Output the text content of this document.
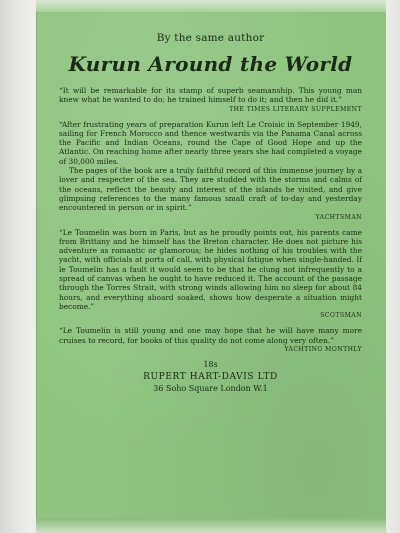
By the same author

Kurun Around the World

“It will be remarkable for its stamp of superb seamanship. This young man knew what he wanted to do; he trained himself to do it; and then he did it.”

THE TIMES LITERARY SUPPLEMENT

“After frustrating years of preparation Kurun left Le Croisic in September 1949, sailing for French Morocco and thence westwards via the Panama Canal across the Pacific and Indian Oceans, round the Cape of Good Hope and up the Atlantic. On reaching home after nearly three years she had completed a voyage of 30,000 miles.

The pages of the book are a truly faithful record of this immense journey by a lover and respecter of the sea. They are studded with the storms and calms of the oceans, reflect the beauty and interest of the islands he visited, and give glimpsing references to the many famous small craft of to-day and yesterday encountered in person or in spirit.”

YACHTSMAN

“Le Toumelin was born in Paris, but as he proudly points out, his parents came from Brittany and he himself has the Breton character. He does not picture his adventure as romantic or glamorous; he hides nothing of his troubles with the yacht, with officials at ports of call, with physical fatigue when single-handed. If le Toumelin has a fault it would seem to be that he clung not infrequently to a spread of canvas when he ought to have reduced it. The account of the passage through the Torres Strait, with strong winds allowing him no sleep for about 84 hours, and everything aboard soaked, shows how desperate a situation might become.”

SCOTSMAN

“Le Toumelin is still young and one may hope that he will have many more cruises to record, for books of this quality do not come along very often.”

YACHTING MONTHLY

18s

RUPERT HART-DAVIS LTD

36 Soho Square London W.1
